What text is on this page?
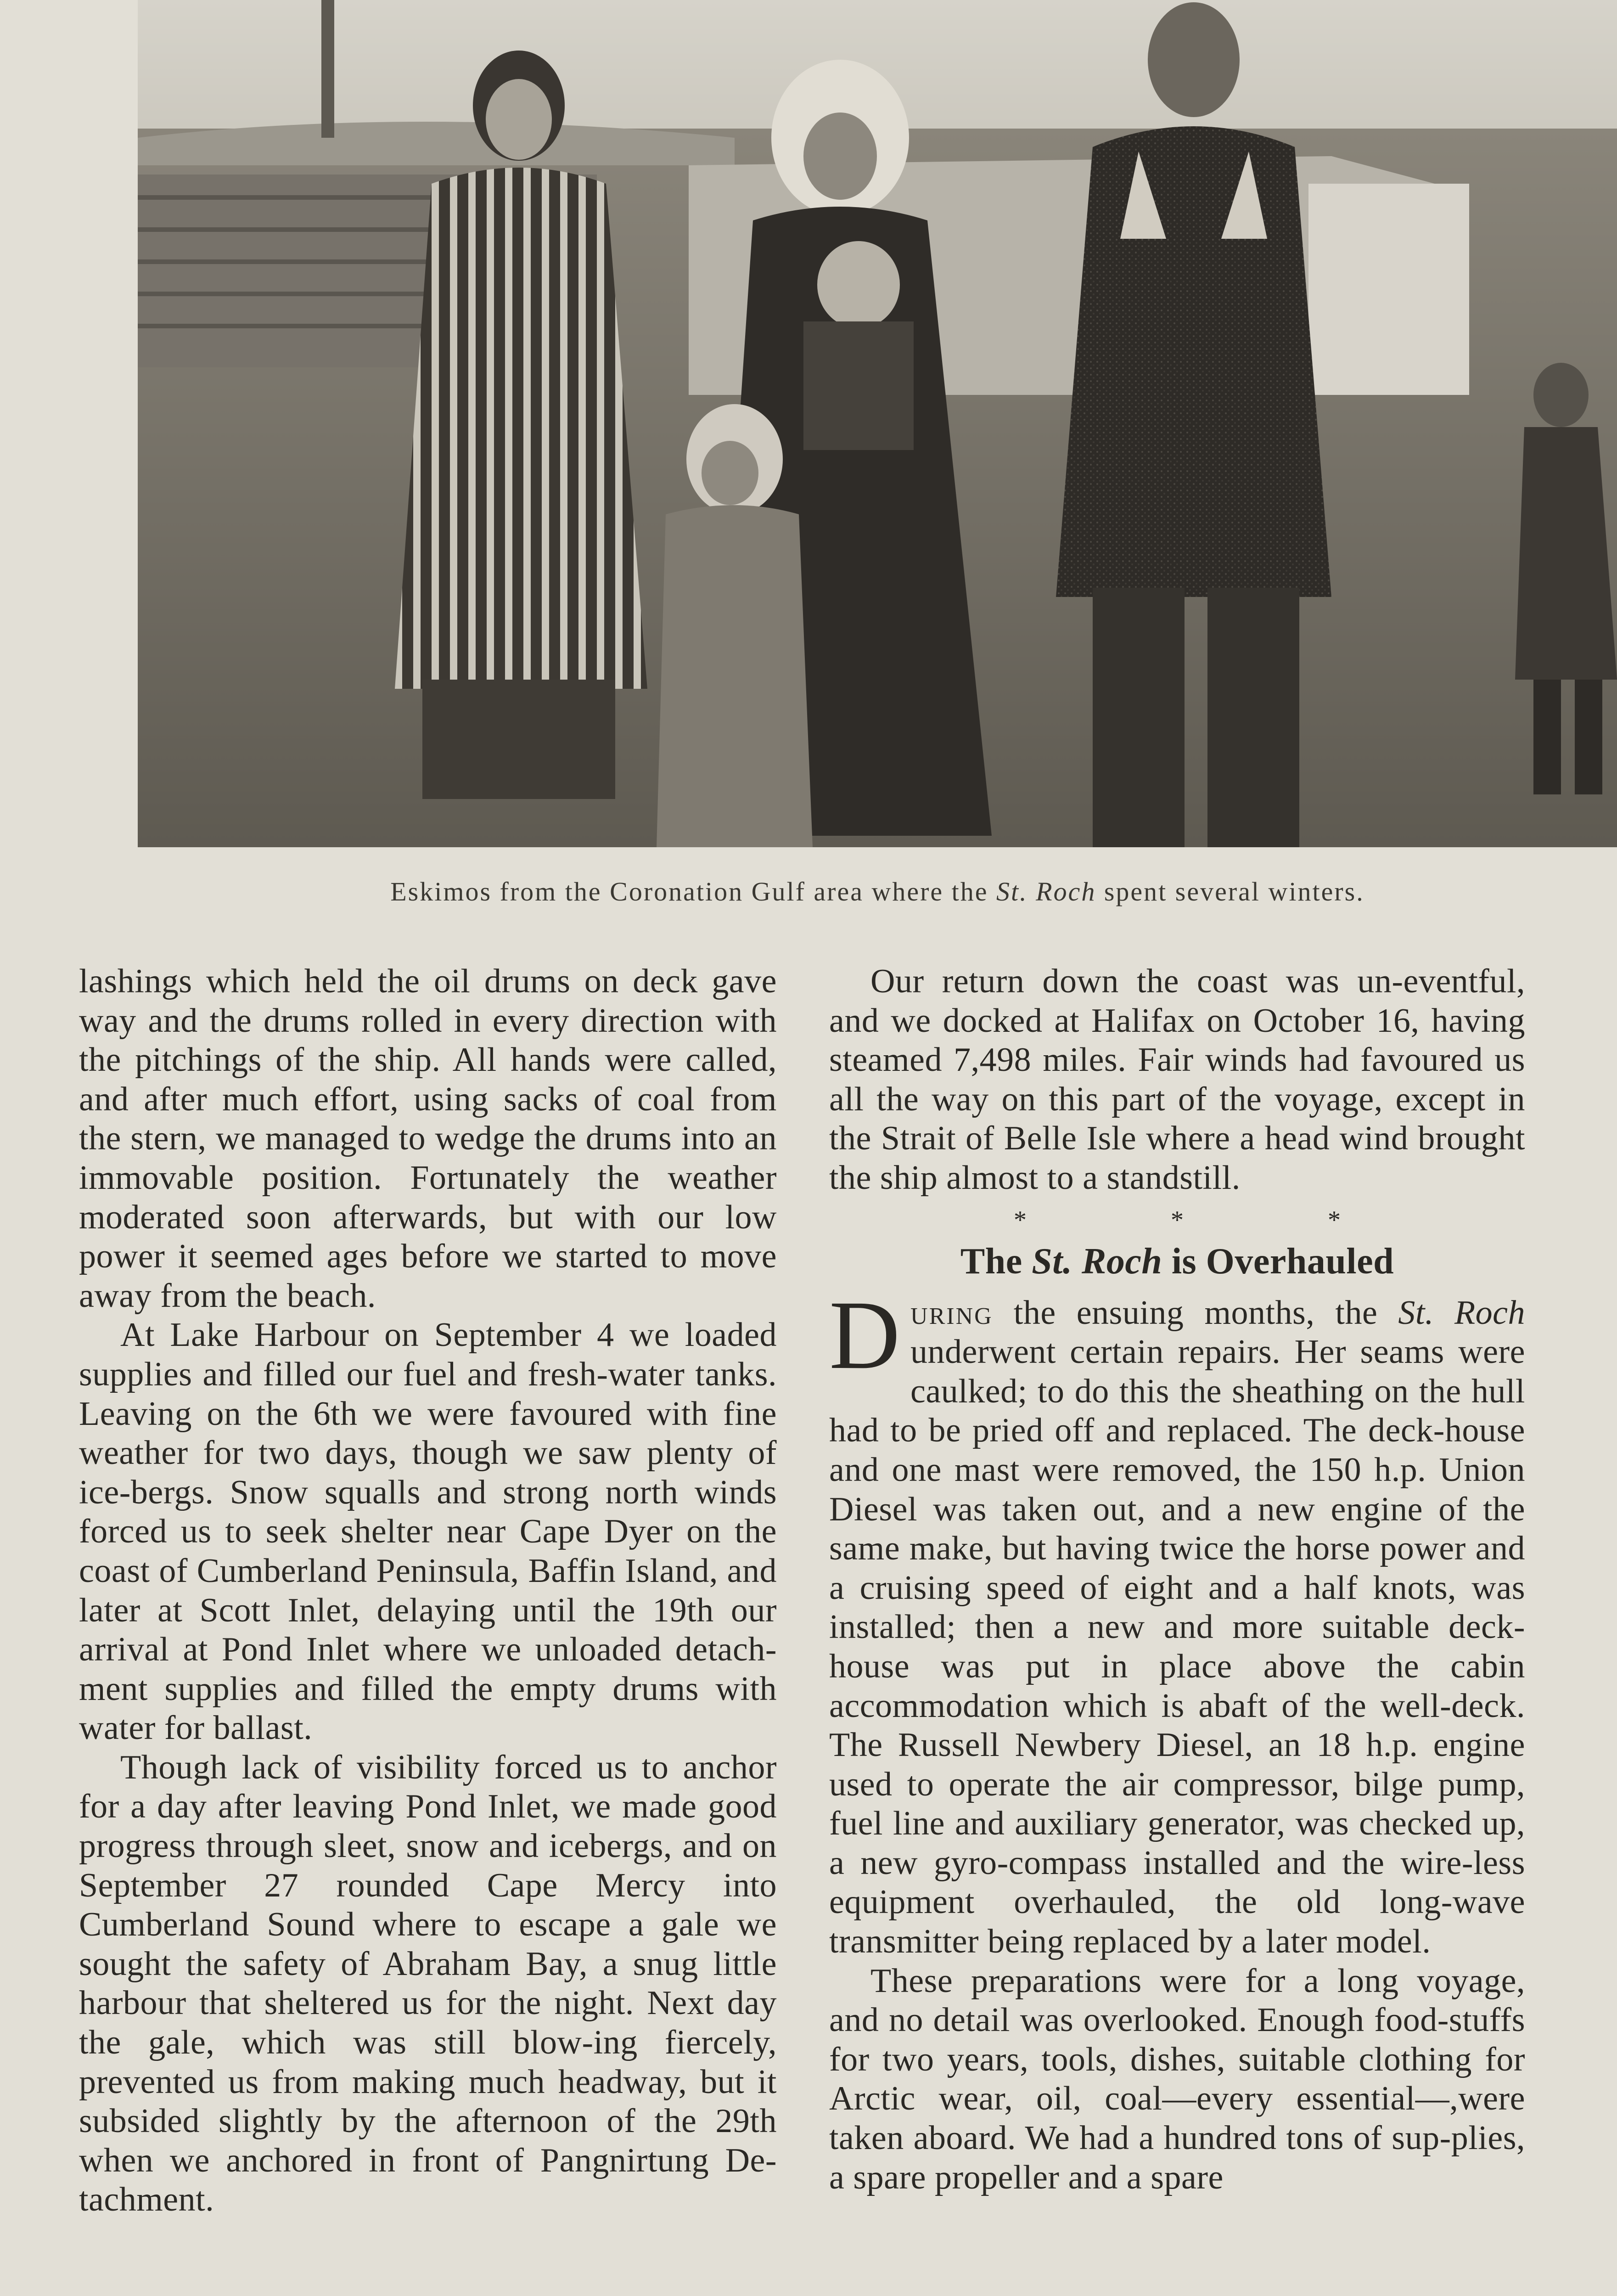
Eskimos from the Coronation Gulf area where the St. Roch spent several winters.

lashings which held the oil drums on deck gave way and the drums rolled in every direction with the pitchings of the ship. All hands were called, and after much effort, using sacks of coal from the stern, we managed to wedge the drums into an immovable position. Fortunately the weather moderated soon afterwards, but with our low power it seemed ages before we started to move away from the beach.

At Lake Harbour on September 4 we loaded supplies and filled our fuel and fresh-water tanks. Leaving on the 6th we were favoured with fine weather for two days, though we saw plenty of ice-bergs. Snow squalls and strong north winds forced us to seek shelter near Cape Dyer on the coast of Cumberland Peninsula, Baffin Island, and later at Scott Inlet, delaying until the 19th our arrival at Pond Inlet where we unloaded detach-ment supplies and filled the empty drums with water for ballast.

Though lack of visibility forced us to anchor for a day after leaving Pond Inlet, we made good progress through sleet, snow and icebergs, and on September 27 rounded Cape Mercy into Cumberland Sound where to escape a gale we sought the safety of Abraham Bay, a snug little harbour that sheltered us for the night. Next day the gale, which was still blow-ing fiercely, prevented us from making much headway, but it subsided slightly by the afternoon of the 29th when we anchored in front of Pangnirtung De-tachment.

Our return down the coast was un-eventful, and we docked at Halifax on October 16, having steamed 7,498 miles. Fair winds had favoured us all the way on this part of the voyage, except in the Strait of Belle Isle where a head wind brought the ship almost to a standstill.

* * *
The St. Roch is Overhauled

During the ensuing months, the St. Roch underwent certain repairs. Her seams were caulked; to do this the sheathing on the hull had to be pried off and replaced. The deck-house and one mast were removed, the 150 h.p. Union Diesel was taken out, and a new engine of the same make, but having twice the horse power and a cruising speed of eight and a half knots, was installed; then a new and more suitable deck-house was put in place above the cabin accommodation which is abaft of the well-deck. The Russell Newbery Diesel, an 18 h.p. engine used to operate the air compressor, bilge pump, fuel line and auxiliary generator, was checked up, a new gyro-compass installed and the wire-less equipment overhauled, the old long-wave transmitter being replaced by a later model.

These preparations were for a long voyage, and no detail was overlooked. Enough food-stuffs for two years, tools, dishes, suitable clothing for Arctic wear, oil, coal—every essential—,were taken aboard. We had a hundred tons of sup-plies, a spare propeller and a spare
